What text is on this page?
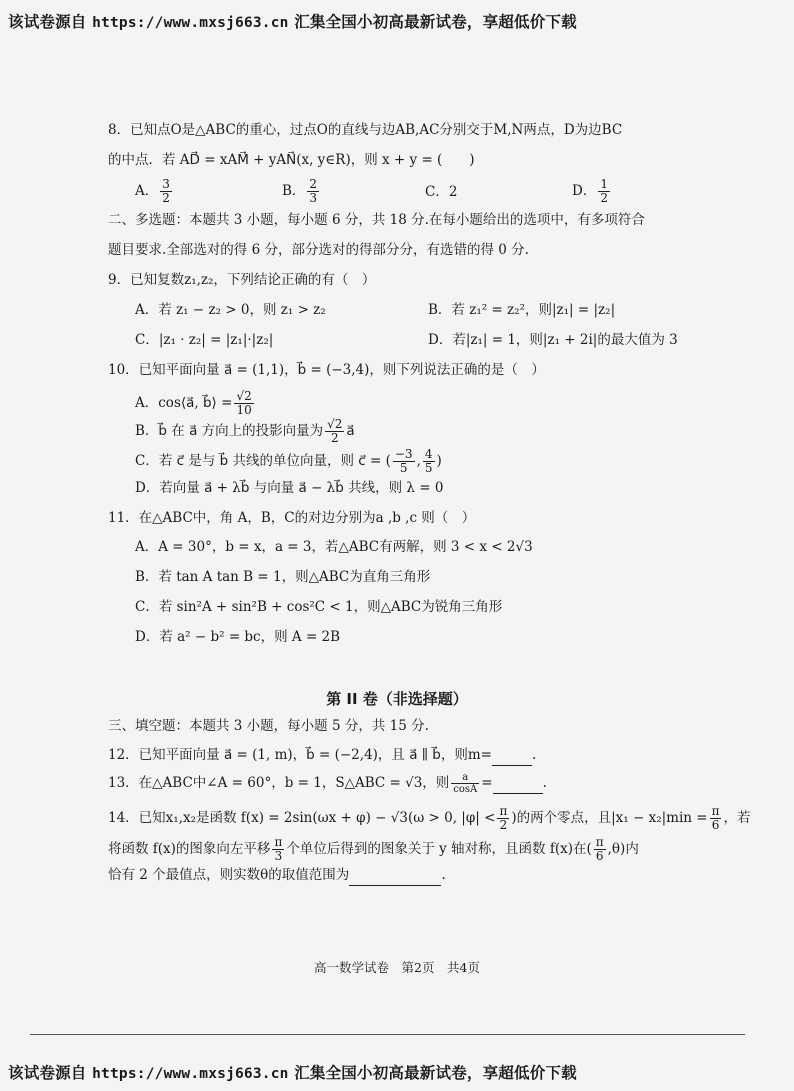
该试卷源自 https://www.mxsj663.cn 汇集全国小初高最新试卷，享超低价下载
8．已知点O是△ABC的重心，过点O的直线与边AB,AC分别交于M,N两点，D为边BC
的中点．若 AD⃗ = xAM⃗ + yAN⃗(x, y∈R)，则 x + y = (　　)
A． $\frac{3}{2}$	B． $\frac{2}{3}$	C．2	D． $\frac{1}{2}$
二、多选题：本题共 3 小题，每小题 6 分，共 18 分.在每小题给出的选项中，有多项符合
题目要求.全部选对的得 6 分，部分选对的得部分分，有选错的得 0 分.
9．已知复数z₁,z₂，下列结论正确的有（　）
A．若 z₁ − z₂ > 0，则 z₁ > z₂	B．若 z₁² = z₂²，则|z₁| = |z₂|
C．|z₁ · z₂| = |z₁|·|z₂|	D．若|z₁| = 1，则|z₁ + 2i|的最大值为 3
10．已知平面向量 a⃗ = (1,1)，b⃗ = (−3,4)，则下列说法正确的是（　）
A．cos⟨a⃗, b⃗⟩ = $\frac{√2}{10}$
B．b⃗ 在 a⃗ 方向上的投影向量为 $\frac{√2}{2}$ a⃗
C．若 c⃗ 是与 b⃗ 共线的单位向量，则 c⃗ = ( $\frac{-3}{5}$ , $\frac{4}{5}$ )
D．若向量 a⃗ + λb⃗ 与向量 a⃗ − λb⃗ 共线，则 λ = 0
11．在△ABC中，角 A，B，C的对边分别为a ,b ,c 则（　）
A．A = 30°，b = x，a = 3，若△ABC有两解，则 3 < x < 2√3
B．若 tan A tan B = 1，则△ABC为直角三角形
C．若 sin²A + sin²B + cos²C < 1，则△ABC为锐角三角形
D．若 a² − b² = bc，则 A = 2B
第 II 卷（非选择题）
三、填空题：本题共 3 小题，每小题 5 分，共 15 分.
12．已知平面向量 a⃗ = (1, m)，b⃗ = (−2,4)，且 a⃗ ∥ b⃗，则m=	.
13．在△ABC中∠A = 60°，b = 1，S△ABC = √3，则 $\frac{a}{\cos A}$ =	.
14．已知x₁,x₂是函数 f(x) = 2sin(ωx + φ) − √3(ω > 0, $|\varphi| < \frac{\pi}{2}$ )的两个零点，且$|x_1 - x_2|\min = \frac{\pi}{6}$ ，若
将函数 f(x)的图象向左平移 $\frac{\pi}{3}$ 个单位后得到的图象关于 y 轴对称，且函数 f(x)在( $\frac{\pi}{6} ,\theta$)内
恰有 2 个最值点，则实数θ的取值范围为	.
高一数学试卷　第2页　共4页
该试卷源自 https://www.mxsj663.cn 汇集全国小初高最新试卷，享超低价下载
